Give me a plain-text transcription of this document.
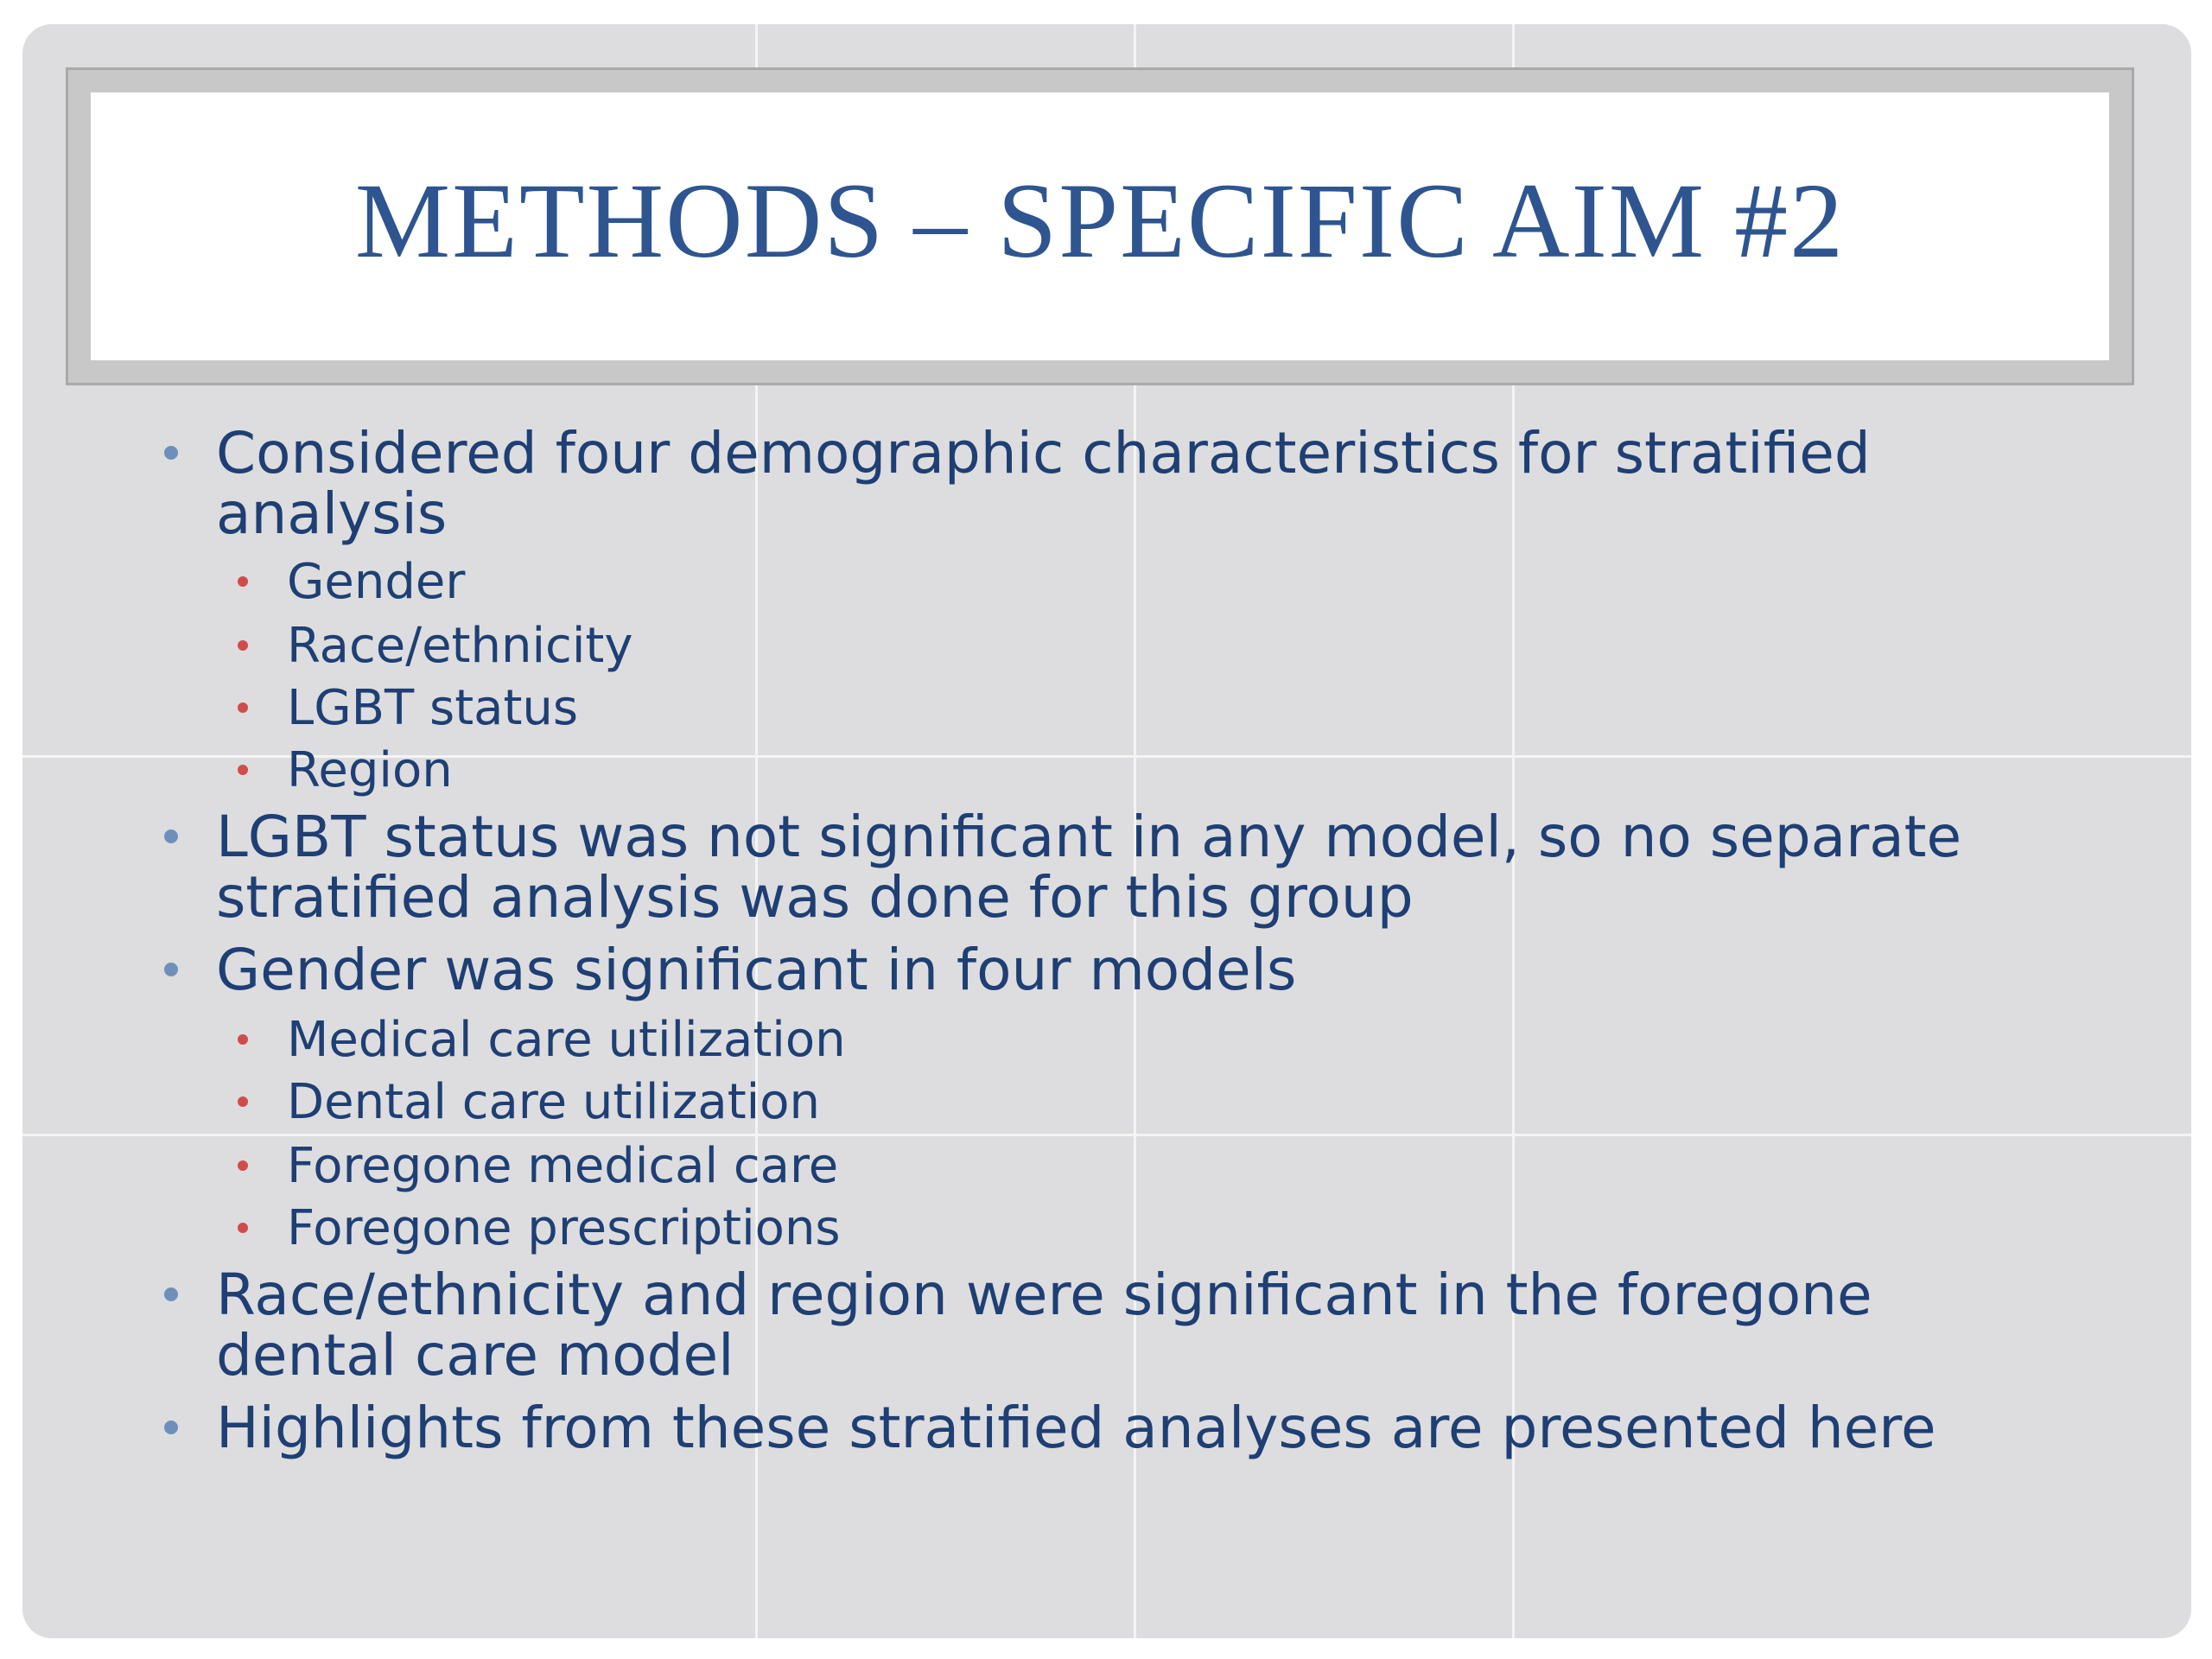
METHODS – SPECIFIC AIM #2
Considered four demographic characteristics for stratified
analysis
Gender
Race/ethnicity
LGBT status
Region
LGBT status was not significant in any model, so no separate
stratified analysis was done for this group
Gender was significant in four models
Medical care utilization
Dental care utilization
Foregone medical care
Foregone prescriptions
Race/ethnicity and region were significant in the foregone
dental care model
Highlights from these stratified analyses are presented here
